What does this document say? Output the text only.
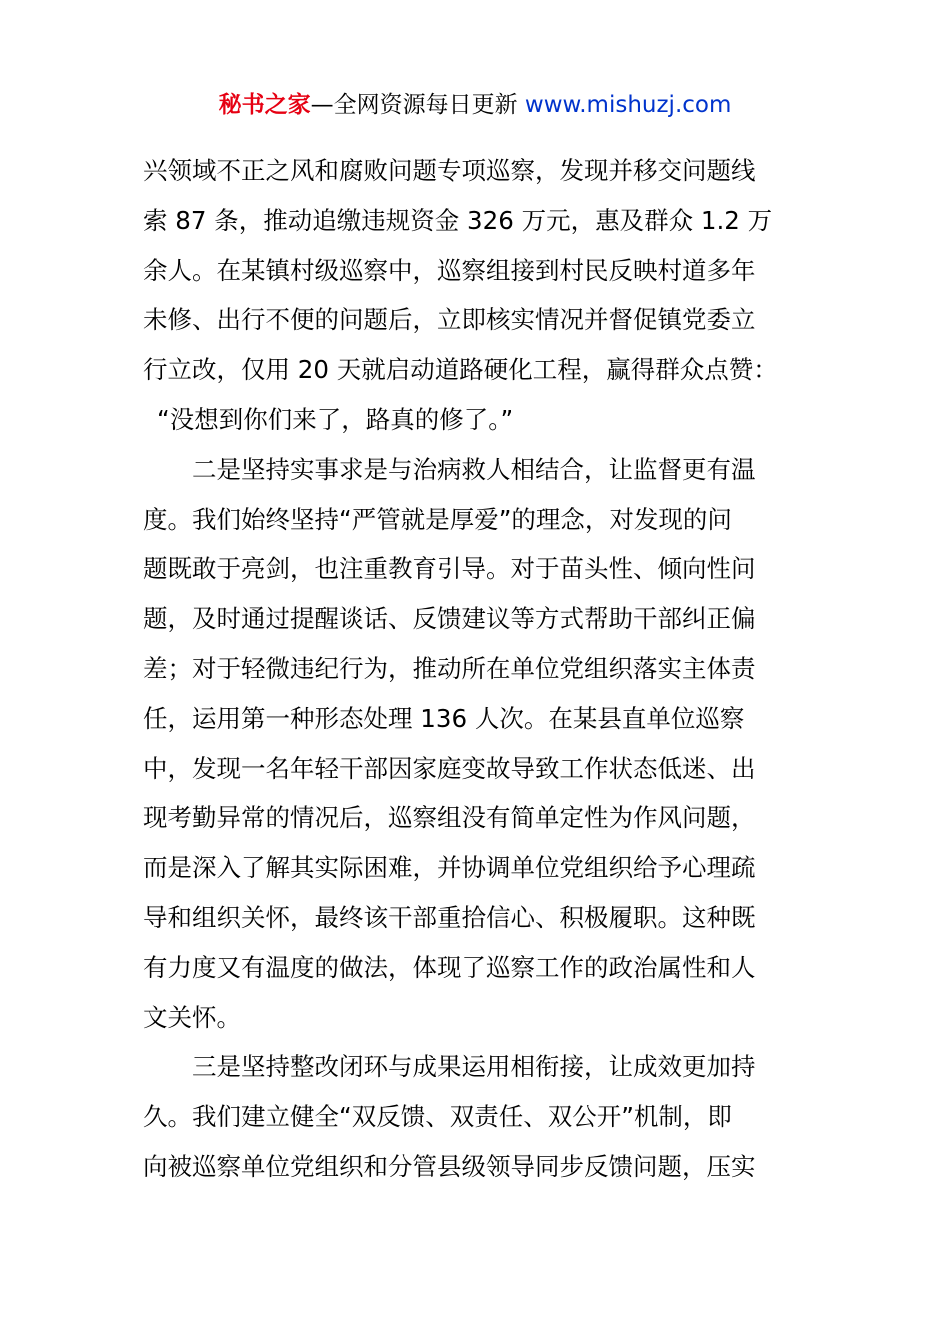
秘书之家—全网资源每日更新 www.mishuzj.com
兴领域不正之风和腐败问题专项巡察，发现并移交问题线
索 87 条，推动追缴违规资金 326 万元，惠及群众 1.2 万
余人。在某镇村级巡察中，巡察组接到村民反映村道多年
未修、出行不便的问题后，立即核实情况并督促镇党委立
行立改，仅用 20 天就启动道路硬化工程，赢得群众点赞：
“没想到你们来了，路真的修了。”
二是坚持实事求是与治病救人相结合，让监督更有温
度。我们始终坚持“严管就是厚爱”的理念，对发现的问
题既敢于亮剑，也注重教育引导。对于苗头性、倾向性问
题，及时通过提醒谈话、反馈建议等方式帮助干部纠正偏
差；对于轻微违纪行为，推动所在单位党组织落实主体责
任，运用第一种形态处理 136 人次。在某县直单位巡察
中，发现一名年轻干部因家庭变故导致工作状态低迷、出
现考勤异常的情况后，巡察组没有简单定性为作风问题，
而是深入了解其实际困难，并协调单位党组织给予心理疏
导和组织关怀，最终该干部重拾信心、积极履职。这种既
有力度又有温度的做法，体现了巡察工作的政治属性和人
文关怀。
三是坚持整改闭环与成果运用相衔接，让成效更加持
久。我们建立健全“双反馈、双责任、双公开”机制，即
向被巡察单位党组织和分管县级领导同步反馈问题，压实
